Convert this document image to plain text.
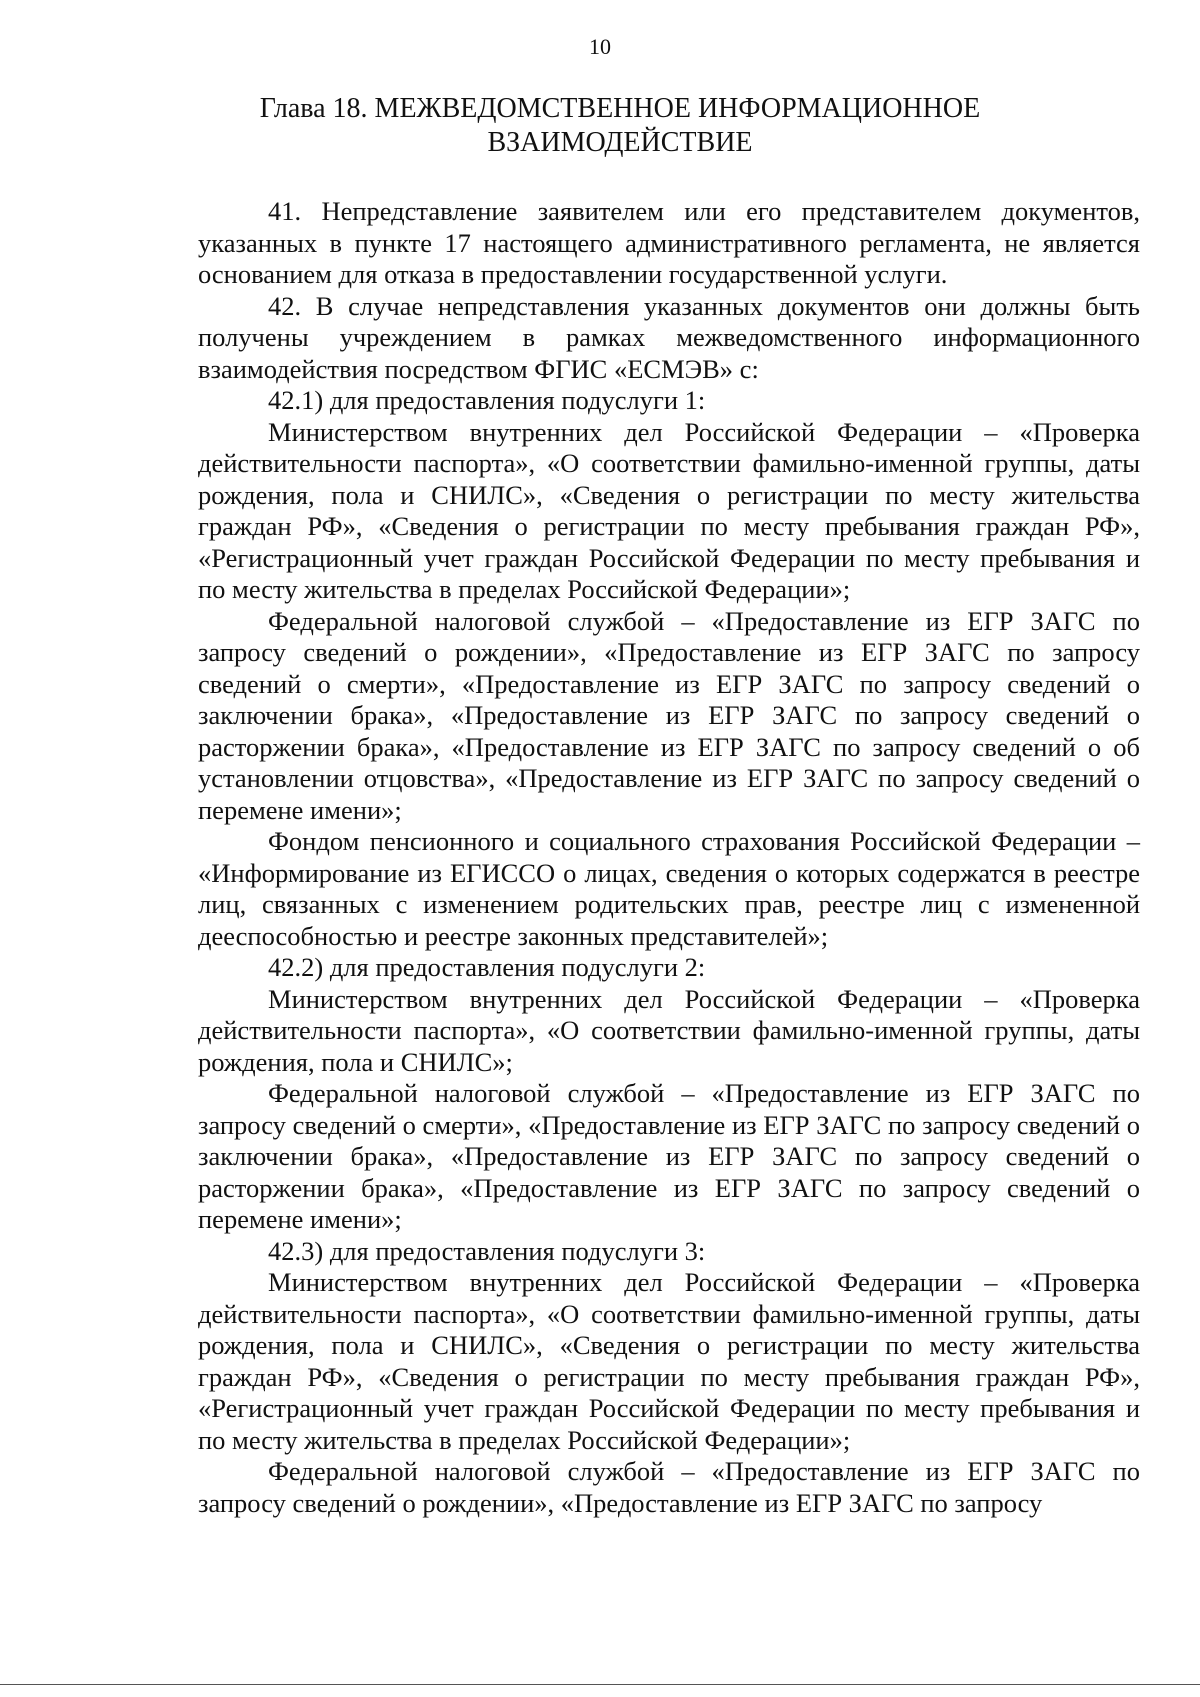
10
Глава 18. МЕЖВЕДОМСТВЕННОЕ ИНФОРМАЦИОННОЕ
ВЗАИМОДЕЙСТВИЕ

41. Непредставление заявителем или его представителем документов, указанных в пункте 17 настоящего административного регламента, не является основанием для отказа в предоставлении государственной услуги.

42. В случае непредставления указанных документов они должны быть получены учреждением в рамках межведомственного информационного взаимодействия посредством ФГИС «ЕСМЭВ» с:

42.1) для предоставления подуслуги 1:

Министерством внутренних дел Российской Федерации – «Проверка действительности паспорта», «О соответствии фамильно-именной группы, даты рождения, пола и СНИЛС», «Сведения о регистрации по месту жительства граждан РФ», «Сведения о регистрации по месту пребывания граждан РФ», «Регистрационный учет граждан Российской Федерации по месту пребывания и по месту жительства в пределах Российской Федерации»;

Федеральной налоговой службой – «Предоставление из ЕГР ЗАГС по запросу сведений о рождении», «Предоставление из ЕГР ЗАГС по запросу сведений о смерти», «Предоставление из ЕГР ЗАГС по запросу сведений о заключении брака», «Предоставление из ЕГР ЗАГС по запросу сведений о расторжении брака», «Предоставление из ЕГР ЗАГС по запросу сведений о об установлении отцовства», «Предоставление из ЕГР ЗАГС по запросу сведений о перемене имени»;

Фондом пенсионного и социального страхования Российской Федерации – «Информирование из ЕГИССО о лицах, сведения о которых содержатся в реестре лиц, связанных с изменением родительских прав, реестре лиц с измененной дееспособностью и реестре законных представителей»;

42.2) для предоставления подуслуги 2:

Министерством внутренних дел Российской Федерации – «Проверка действительности паспорта», «О соответствии фамильно-именной группы, даты рождения, пола и СНИЛС»;

Федеральной налоговой службой – «Предоставление из ЕГР ЗАГС по запросу сведений о смерти», «Предоставление из ЕГР ЗАГС по запросу сведений о заключении брака», «Предоставление из ЕГР ЗАГС по запросу сведений о расторжении брака», «Предоставление из ЕГР ЗАГС по запросу сведений о перемене имени»;

42.3) для предоставления подуслуги 3:

Министерством внутренних дел Российской Федерации – «Проверка действительности паспорта», «О соответствии фамильно-именной группы, даты рождения, пола и СНИЛС», «Сведения о регистрации по месту жительства граждан РФ», «Сведения о регистрации по месту пребывания граждан РФ», «Регистрационный учет граждан Российской Федерации по месту пребывания и по месту жительства в пределах Российской Федерации»;

Федеральной налоговой службой – «Предоставление из ЕГР ЗАГС по запросу сведений о рождении», «Предоставление из ЕГР ЗАГС по запросу
